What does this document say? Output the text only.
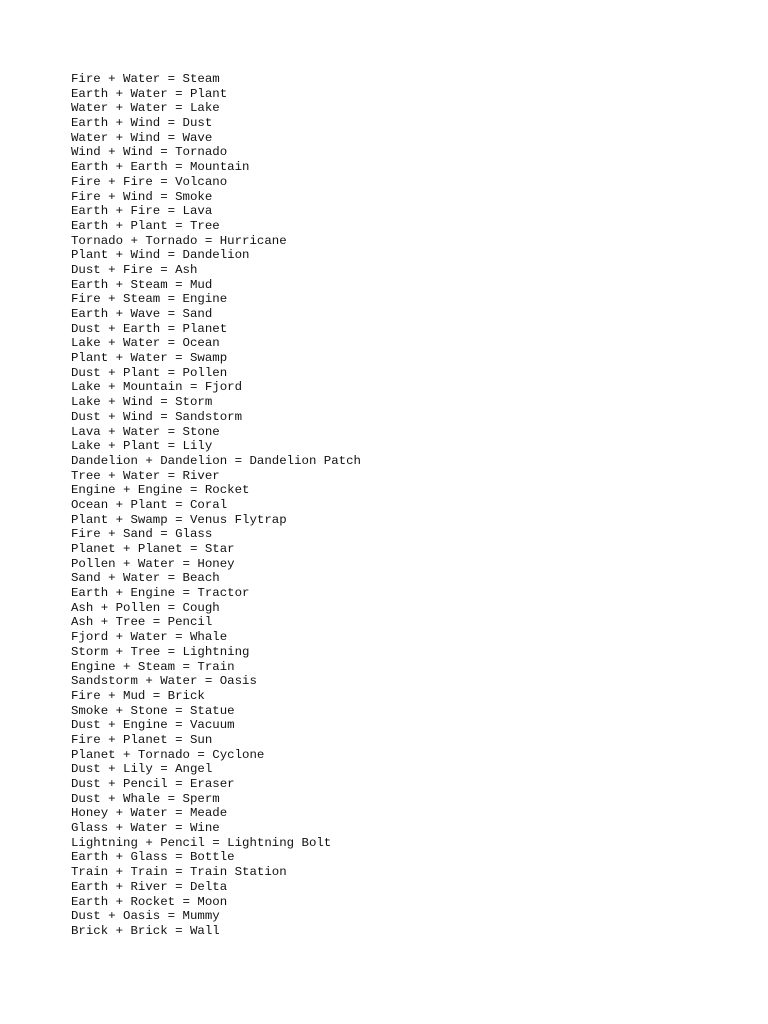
Fire + Water = Steam
Earth + Water = Plant
Water + Water = Lake
Earth + Wind = Dust
Water + Wind = Wave
Wind + Wind = Tornado
Earth + Earth = Mountain
Fire + Fire = Volcano
Fire + Wind = Smoke
Earth + Fire = Lava
Earth + Plant = Tree
Tornado + Tornado = Hurricane
Plant + Wind = Dandelion
Dust + Fire = Ash
Earth + Steam = Mud
Fire + Steam = Engine
Earth + Wave = Sand
Dust + Earth = Planet
Lake + Water = Ocean
Plant + Water = Swamp
Dust + Plant = Pollen
Lake + Mountain = Fjord
Lake + Wind = Storm
Dust + Wind = Sandstorm
Lava + Water = Stone
Lake + Plant = Lily
Dandelion + Dandelion = Dandelion Patch
Tree + Water = River
Engine + Engine = Rocket
Ocean + Plant = Coral
Plant + Swamp = Venus Flytrap
Fire + Sand = Glass
Planet + Planet = Star
Pollen + Water = Honey
Sand + Water = Beach
Earth + Engine = Tractor
Ash + Pollen = Cough
Ash + Tree = Pencil
Fjord + Water = Whale
Storm + Tree = Lightning
Engine + Steam = Train
Sandstorm + Water = Oasis
Fire + Mud = Brick
Smoke + Stone = Statue
Dust + Engine = Vacuum
Fire + Planet = Sun
Planet + Tornado = Cyclone
Dust + Lily = Angel
Dust + Pencil = Eraser
Dust + Whale = Sperm
Honey + Water = Meade
Glass + Water = Wine
Lightning + Pencil = Lightning Bolt
Earth + Glass = Bottle
Train + Train = Train Station
Earth + River = Delta
Earth + Rocket = Moon
Dust + Oasis = Mummy
Brick + Brick = Wall
